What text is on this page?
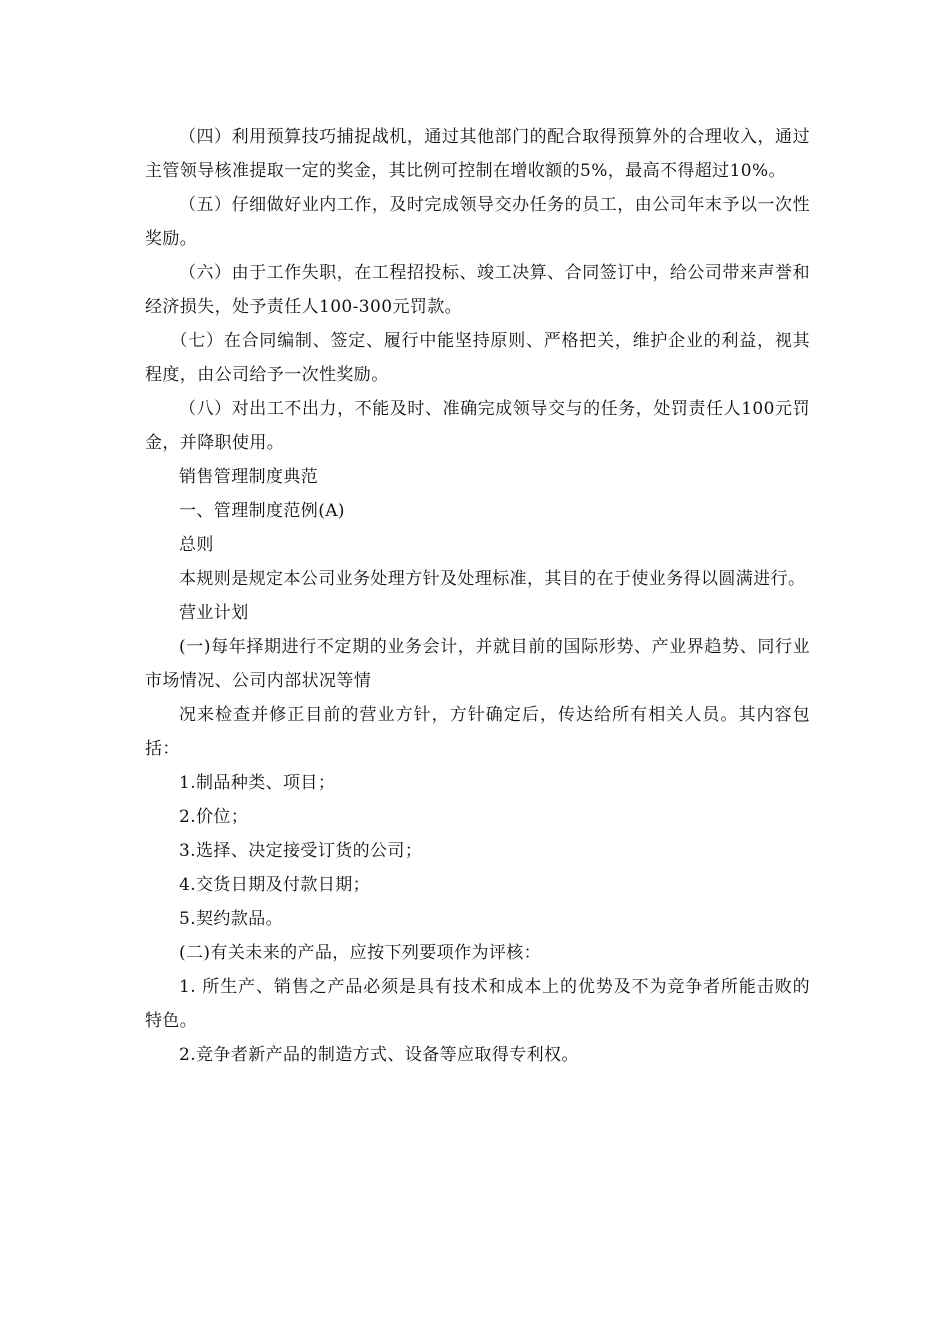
（四）利用预算技巧捕捉战机，通过其他部门的配合取得预算外的合理收入，通过主管领导核准提取一定的奖金，其比例可控制在增收额的5%，最高不得超过10%。

（五）仔细做好业内工作，及时完成领导交办任务的员工，由公司年末予以一次性奖励。

（六）由于工作失职，在工程招投标、竣工决算、合同签订中，给公司带来声誉和经济损失，处予责任人100-300元罚款。

（七）在合同编制、签定、履行中能坚持原则、严格把关，维护企业的利益，视其程度，由公司给予一次性奖励。

（八）对出工不出力，不能及时、准确完成领导交与的任务，处罚责任人100元罚金，并降职使用。

销售管理制度典范

一、管理制度范例(A)

总则

本规则是规定本公司业务处理方针及处理标准，其目的在于使业务得以圆满进行。

营业计划

(一)每年择期进行不定期的业务会计，并就目前的国际形势、产业界趋势、同行业市场情况、公司内部状况等情

况来检查并修正目前的营业方针，方针确定后，传达给所有相关人员。其内容包括：

1.制品种类、项目；

2.价位；

3.选择、决定接受订货的公司；

4.交货日期及付款日期；

5.契约款品。

(二)有关未来的产品，应按下列要项作为评核：

1. 所生产、销售之产品必须是具有技术和成本上的优势及不为竞争者所能击败的特色。

2.竞争者新产品的制造方式、设备等应取得专利权。
